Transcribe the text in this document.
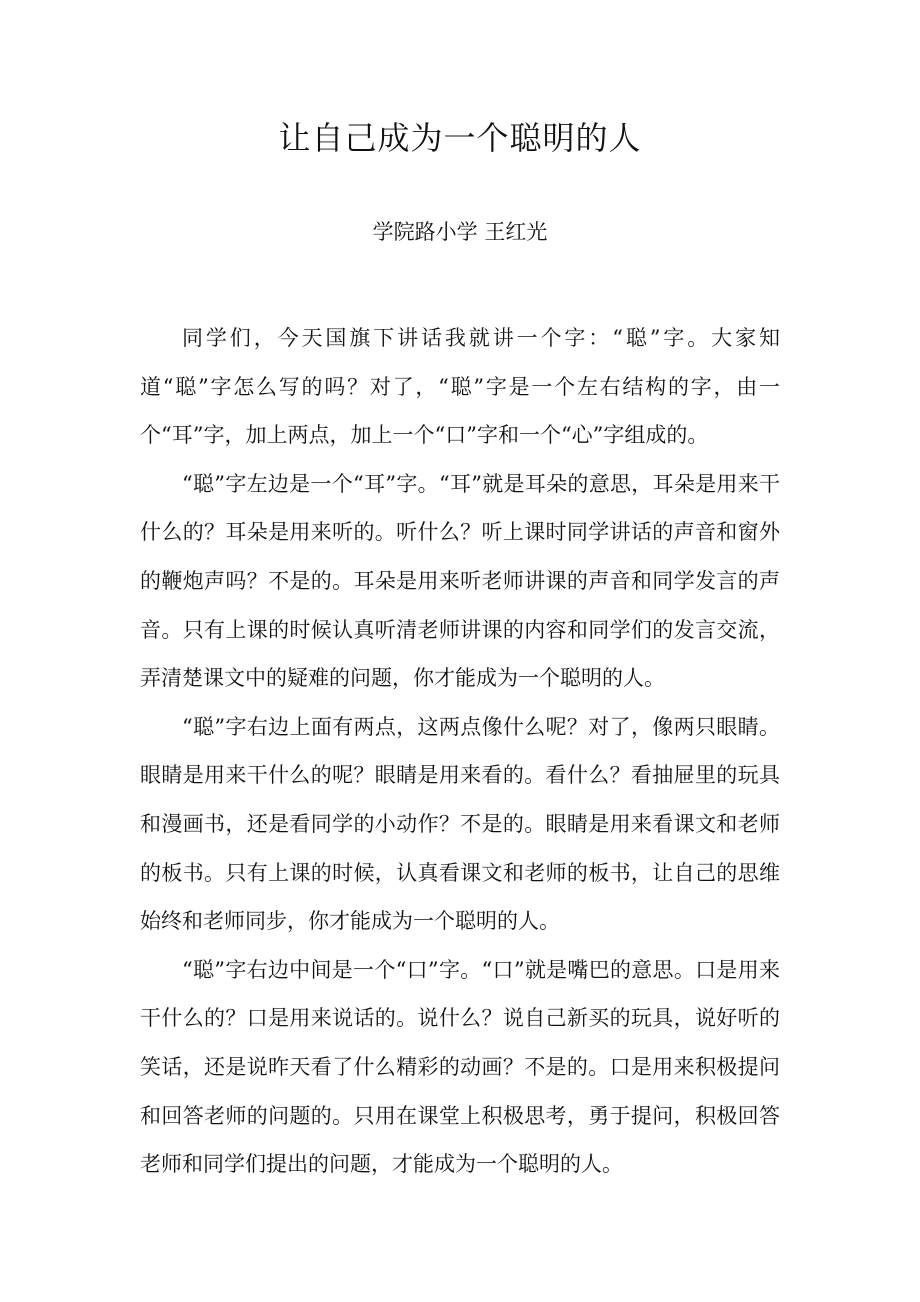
让自己成为一个聪明的人
学院路小学 王红光

同学们，今天国旗下讲话我就讲一个字：“聪”字。大家知道“聪”字怎么写的吗？对了，“聪”字是一个左右结构的字，由一个“耳”字，加上两点，加上一个“口”字和一个“心”字组成的。

“聪”字左边是一个“耳”字。“耳”就是耳朵的意思，耳朵是用来干什么的？耳朵是用来听的。听什么？听上课时同学讲话的声音和窗外的鞭炮声吗？不是的。耳朵是用来听老师讲课的声音和同学发言的声音。只有上课的时候认真听清老师讲课的内容和同学们的发言交流，弄清楚课文中的疑难的问题，你才能成为一个聪明的人。

“聪”字右边上面有两点，这两点像什么呢？对了，像两只眼睛。眼睛是用来干什么的呢？眼睛是用来看的。看什么？看抽屉里的玩具和漫画书，还是看同学的小动作？不是的。眼睛是用来看课文和老师的板书。只有上课的时候，认真看课文和老师的板书，让自己的思维始终和老师同步，你才能成为一个聪明的人。

“聪”字右边中间是一个“口”字。“口”就是嘴巴的意思。口是用来干什么的？口是用来说话的。说什么？说自己新买的玩具，说好听的笑话，还是说昨天看了什么精彩的动画？不是的。口是用来积极提问和回答老师的问题的。只用在课堂上积极思考，勇于提问，积极回答老师和同学们提出的问题，才能成为一个聪明的人。
